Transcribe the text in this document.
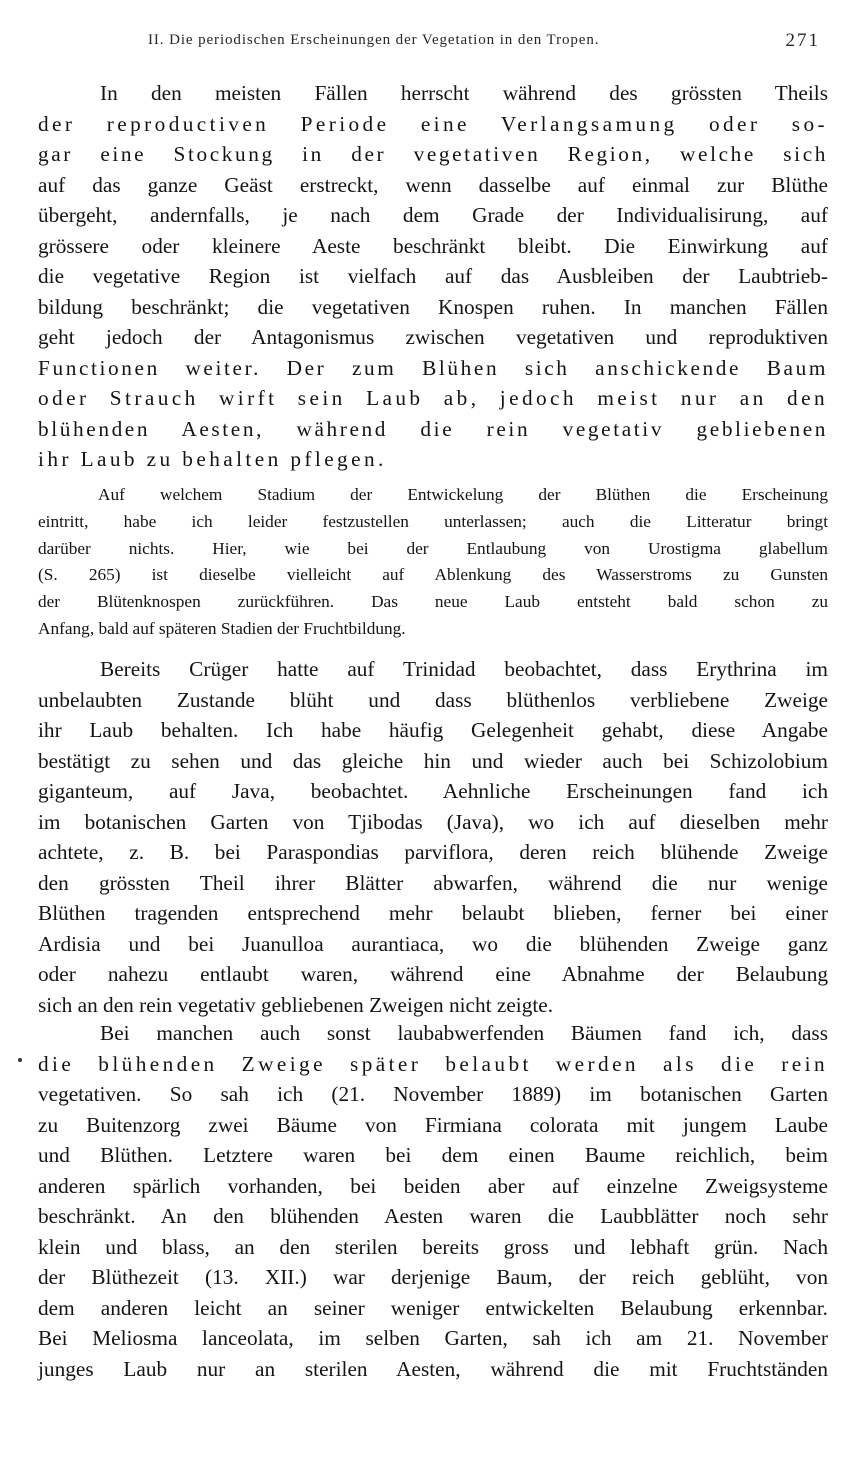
II. Die periodischen Erscheinungen der Vegetation in den Tropen.	271
In den meisten Fällen herrscht während des grössten Theils
der reproductiven Periode eine Verlangsamung oder so-
gar eine Stockung in der vegetativen Region, welche sich
auf das ganze Geäst erstreckt, wenn dasselbe auf einmal zur Blüthe
übergeht, andernfalls, je nach dem Grade der Individualisirung, auf
grössere oder kleinere Aeste beschränkt bleibt. Die Einwirkung auf
die vegetative Region ist vielfach auf das Ausbleiben der Laubtrieb-
bildung beschränkt; die vegetativen Knospen ruhen. In manchen Fällen
geht jedoch der Antagonismus zwischen vegetativen und reproduktiven
Functionen weiter. Der zum Blühen sich anschickende Baum
oder Strauch wirft sein Laub ab, jedoch meist nur an den
blühenden Aesten, während die rein vegetativ gebliebenen
ihr Laub zu behalten pflegen.
Auf welchem Stadium der Entwickelung der Blüthen die Erscheinung
eintritt, habe ich leider festzustellen unterlassen; auch die Litteratur bringt
darüber nichts. Hier, wie bei der Entlaubung von Urostigma glabellum
(S. 265) ist dieselbe vielleicht auf Ablenkung des Wasserstroms zu Gunsten
der Blütenknospen zurückführen. Das neue Laub entsteht bald schon zu
Anfang, bald auf späteren Stadien der Fruchtbildung.
Bereits Crüger hatte auf Trinidad beobachtet, dass Erythrina im
unbelaubten Zustande blüht und dass blüthenlos verbliebene Zweige
ihr Laub behalten. Ich habe häufig Gelegenheit gehabt, diese Angabe
bestätigt zu sehen und das gleiche hin und wieder auch bei Schizolobium
giganteum, auf Java, beobachtet. Aehnliche Erscheinungen fand ich
im botanischen Garten von Tjibodas (Java), wo ich auf dieselben mehr
achtete, z. B. bei Paraspondias parviflora, deren reich blühende Zweige
den grössten Theil ihrer Blätter abwarfen, während die nur wenige
Blüthen tragenden entsprechend mehr belaubt blieben, ferner bei einer
Ardisia und bei Juanulloa aurantiaca, wo die blühenden Zweige ganz
oder nahezu entlaubt waren, während eine Abnahme der Belaubung
sich an den rein vegetativ gebliebenen Zweigen nicht zeigte.
Bei manchen auch sonst laubabwerfenden Bäumen fand ich, dass
die blühenden Zweige später belaubt werden als die rein
vegetativen. So sah ich (21. November 1889) im botanischen Garten
zu Buitenzorg zwei Bäume von Firmiana colorata mit jungem Laube
und Blüthen. Letztere waren bei dem einen Baume reichlich, beim
anderen spärlich vorhanden, bei beiden aber auf einzelne Zweigsysteme
beschränkt. An den blühenden Aesten waren die Laubblätter noch sehr
klein und blass, an den sterilen bereits gross und lebhaft grün. Nach
der Blüthezeit (13. XII.) war derjenige Baum, der reich geblüht, von
dem anderen leicht an seiner weniger entwickelten Belaubung erkennbar.
Bei Meliosma lanceolata, im selben Garten, sah ich am 21. November
junges Laub nur an sterilen Aesten, während die mit Fruchtständen
